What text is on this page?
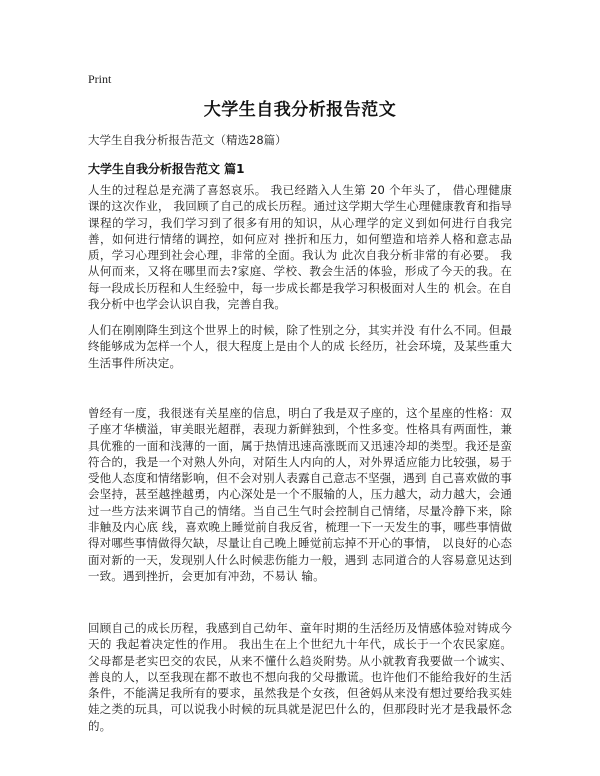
Print
大学生自我分析报告范文
大学生自我分析报告范文（精选28篇）
大学生自我分析报告范文 篇1

人生的过程总是充满了喜怒哀乐。 我已经踏入人生第 20 个年头了， 借心理健康课的这次作业， 我回顾了自己的成长历程。通过这学期大学生心理健康教育和指导课程的学习，我们学习到了很多有用的知识，从心理学的定义到如何进行自我完善，如何进行情绪的调控，如何应对 挫折和压力，如何塑造和培养人格和意志品质，学习心理到社会心理，非常的全面。我认为 此次自我分析非常的有必要。 我从何而来，又将在哪里而去?家庭、学校、教会生活的体验，形成了今天的我。在每一段成长历程和人生经验中，每一步成长都是我学习积极面对人生的 机会。在自我分析中也学会认识自我，完善自我。

人们在刚刚降生到这个世界上的时候，除了性别之分，其实并没 有什么不同。但最终能够成为怎样一个人，很大程度上是由个人的成 长经历，社会环境，及某些重大生活事件所决定。

曾经有一度，我很迷有关星座的信息，明白了我是双子座的，这个星座的性格：双子座才华横溢，审美眼光超群，表现力新鲜独到，个性多变。性格具有两面性，兼具优雅的一面和浅薄的一面，属于热情迅速高涨既而又迅速冷却的类型。我还是蛮符合的，我是一个对熟人外向，对陌生人内向的人，对外界适应能力比较强，易于受他人态度和情绪影响，但不会对别人表露自己意志不坚强，遇到 自己喜欢做的事会坚持，甚至越挫越勇，内心深处是一个不服输的人，压力越大，动力越大，会通过一些方法来调节自己的情绪。当自己生气时会控制自己情绪，尽量冷静下来，除非触及内心底 线，喜欢晚上睡觉前自我反省，梳理一下一天发生的事，哪些事情做 得对哪些事情做得欠缺，尽量让自己晚上睡觉前忘掉不开心的事情， 以良好的心态面对新的一天，发现别人什么时候悲伤能力一般，遇到 志同道合的人容易意见达到一致。遇到挫折，会更加有冲劲，不易认 输。

回顾自己的成长历程，我感到自己幼年、童年时期的生活经历及情感体验对铸成今天的 我起着决定性的作用。 我出生在上个世纪九十年代，成长于一个农民家庭。父母都是老实巴交的农民，从来不懂什么趋炎附势。从小就教育我要做一个诚实、善良的人，以至我现在都不敢也不想向我的父母撒谎。也许他们不能给我好的生活条件，不能满足我所有的要求，虽然我是个女孩，但爸妈从来没有想过要给我买娃娃之类的玩具，可以说我小时候的玩具就是泥巴什么的，但那段时光才是我最怀念的。
